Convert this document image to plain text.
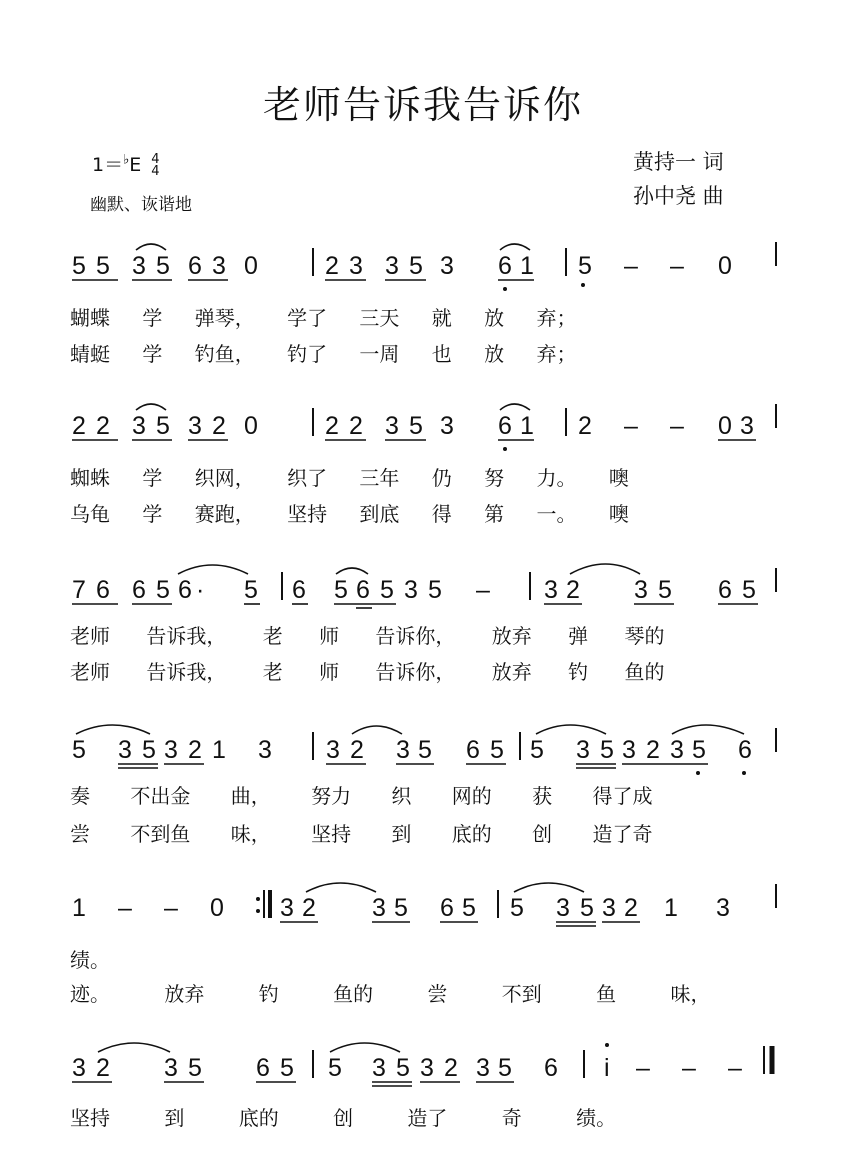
老师告诉我告诉你
1＝♭E 4
4
幽默、诙谐地
黄持一 词
孙中尧 曲
5 5 3 5 6 3 0	2 3 3 5 3 6 1 5 – – 0
2 2 3 5 3 2 0	2 2 3 5 3 6 1 2 – – 0 3
7 6 6 5 6 · 5 6 5 6 5 3 5 – 3 2 3 5 6 5
5 3 5 3 2 1 3 3 2 3 5 6 5 5 3 5 3 2 3 5 6
1 – – 0 3 2 3 5 6 5 5 3 5 3 2 1 3
3 2 3 5 6 5 5 3 5 3 2 3 5 6 i – – –
蝴蝶 学 弹琴， 学了 三天 就 放 弃；
蜻蜓 学 钓鱼， 钓了 一周 也 放 弃；
蜘蛛 学 织网， 织了 三年 仍 努 力。 噢
乌龟 学 赛跑， 坚持 到底 得 第 一。 噢
老师 告诉我， 老 师 告诉你， 放弃 弹 琴的
老师 告诉我， 老 师 告诉你， 放弃 钓 鱼的
奏 不出金 曲， 努力 织 网的 获 得了成
尝 不到鱼 味， 坚持 到 底的 创 造了奇
绩。
迹。 放弃 钓 鱼的 尝 不到 鱼 味，
坚持 到 底的 创 造了 奇 绩。
